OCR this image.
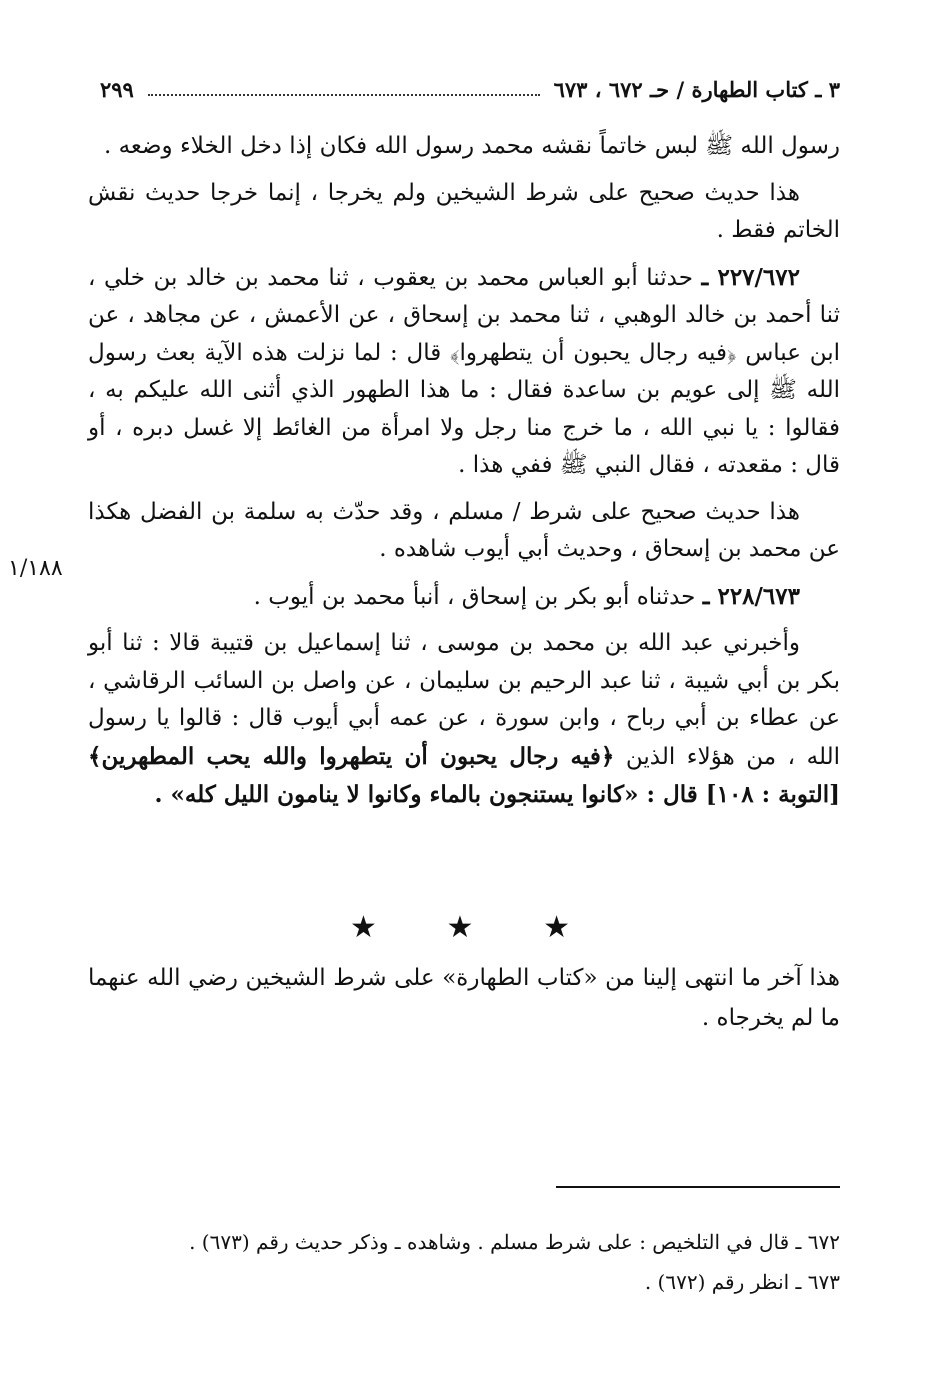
٣ ـ كتاب الطهارة / حـ ٦٧٢ ، ٦٧٣
٢٩٩

رسول الله ﷺ لبس خاتماً نقشه محمد رسول الله فكان إذا دخل الخلاء وضعه .

هذا حديث صحيح على شرط الشيخين ولم يخرجا ، إنما خرجا حديث نقش الخاتم فقط .

٢٢٧/٦٧٢ ـ حدثنا أبو العباس محمد بن يعقوب ، ثنا محمد بن خالد بن خلي ، ثنا أحمد بن خالد الوهبي ، ثنا محمد بن إسحاق ، عن الأعمش ، عن مجاهد ، عن ابن عباس ﴿فيه رجال يحبون أن يتطهروا﴾ قال : لما نزلت هذه الآية بعث رسول الله ﷺ إلى عويم بن ساعدة فقال : ما هذا الطهور الذي أثنى الله عليكم به ، فقالوا : يا نبي الله ، ما خرج منا رجل ولا امرأة من الغائط إلا غسل دبره ، أو قال : مقعدته ، فقال النبي ﷺ ففي هذا .

هذا حديث صحيح على شرط / مسلم ، وقد حدّث به سلمة بن الفضل هكذا عن محمد بن إسحاق ، وحديث أبي أيوب شاهده .

٢٢٨/٦٧٣ ـ حدثناه أبو بكر بن إسحاق ، أنبأ محمد بن أيوب .

وأخبرني عبد الله بن محمد بن موسى ، ثنا إسماعيل بن قتيبة قالا : ثنا أبو بكر بن أبي شيبة ، ثنا عبد الرحيم بن سليمان ، عن واصل بن السائب الرقاشي ، عن عطاء بن أبي رباح ، وابن سورة ، عن عمه أبي أيوب قال : قالوا يا رسول الله ، من هؤلاء الذين ﴿فيه رجال يحبون أن يتطهروا والله يحب المطهرين﴾ [التوبة : ١٠٨] قال : «كانوا يستنجون بالماء وكانوا لا ينامون الليل كله» .

١/١٨٨
★ ★ ★

هذا آخر ما انتهى إلينا من «كتاب الطهارة» على شرط الشيخين رضي الله عنهما ما لم يخرجاه .

٦٧٢ ـ قال في التلخيص : على شرط مسلم . وشاهده ـ وذكر حديث رقم (٦٧٣) .

٦٧٣ ـ انظر رقم (٦٧٢) .
